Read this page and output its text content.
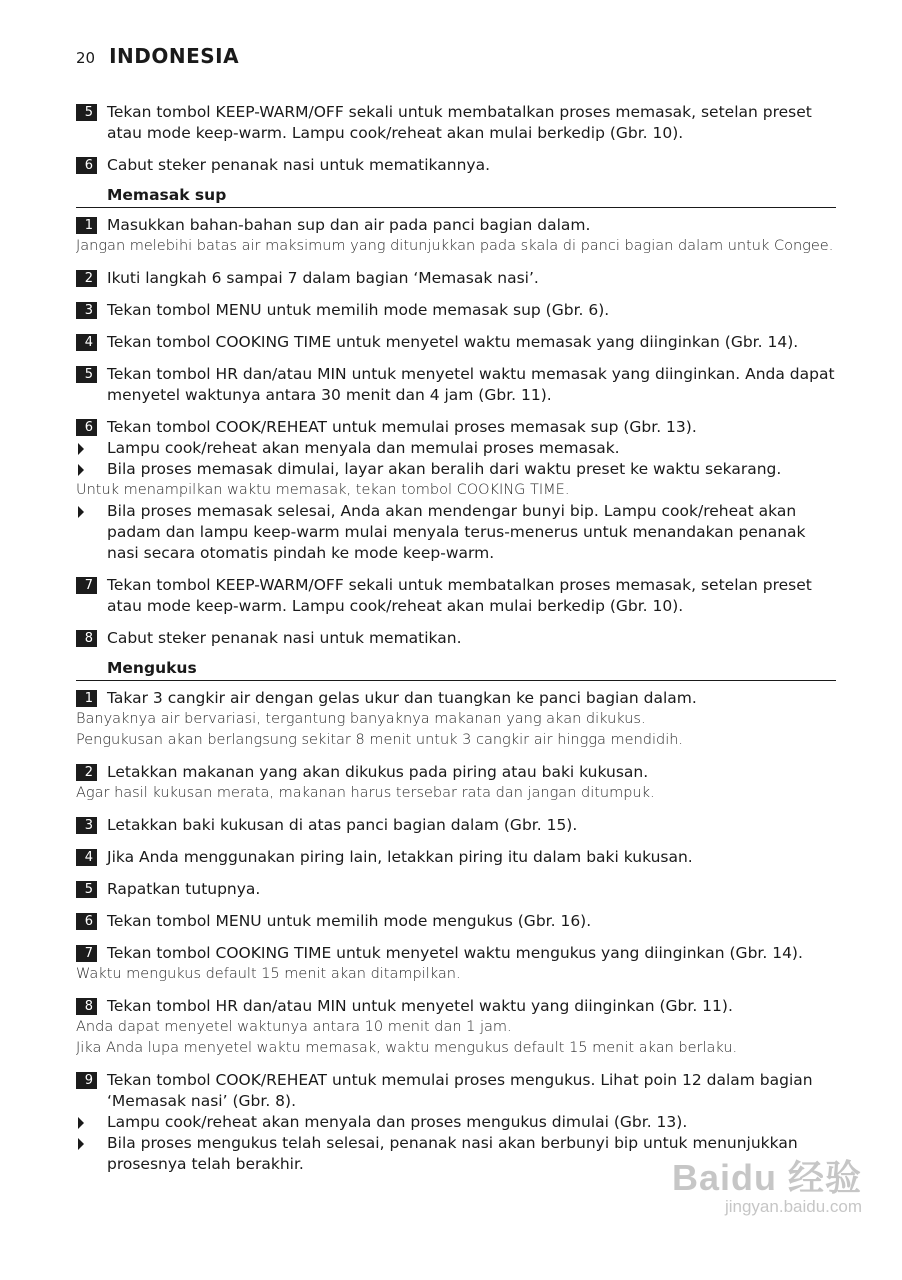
20 INDONESIA
5 Tekan tombol KEEP-WARM/OFF sekali untuk membatalkan proses memasak, setelan preset atau mode keep-warm. Lampu cook/reheat akan mulai berkedip (Gbr. 10).
6 Cabut steker penanak nasi untuk mematikannya.
Memasak sup
1 Masukkan bahan-bahan sup dan air pada panci bagian dalam.
Jangan melebihi batas air maksimum yang ditunjukkan pada skala di panci bagian dalam untuk Congee.
2 Ikuti langkah 6 sampai 7 dalam bagian ‘Memasak nasi’.
3 Tekan tombol MENU untuk memilih mode memasak sup (Gbr. 6).
4 Tekan tombol COOKING TIME untuk menyetel waktu memasak yang diinginkan (Gbr. 14).
5 Tekan tombol HR dan/atau MIN untuk menyetel waktu memasak yang diinginkan. Anda dapat menyetel waktunya antara 30 menit dan 4 jam (Gbr. 11).
6 Tekan tombol COOK/REHEAT untuk memulai proses memasak sup (Gbr. 13).
Lampu cook/reheat akan menyala dan memulai proses memasak.
Bila proses memasak dimulai, layar akan beralih dari waktu preset ke waktu sekarang.
Untuk menampilkan waktu memasak, tekan tombol COOKING TIME.
Bila proses memasak selesai, Anda akan mendengar bunyi bip. Lampu cook/reheat akan padam dan lampu keep-warm mulai menyala terus-menerus untuk menandakan penanak nasi secara otomatis pindah ke mode keep-warm.
7 Tekan tombol KEEP-WARM/OFF sekali untuk membatalkan proses memasak, setelan preset atau mode keep-warm. Lampu cook/reheat akan mulai berkedip (Gbr. 10).
8 Cabut steker penanak nasi untuk mematikan.
Mengukus
1 Takar 3 cangkir air dengan gelas ukur dan tuangkan ke panci bagian dalam.
Banyaknya air bervariasi, tergantung banyaknya makanan yang akan dikukus.
Pengukusan akan berlangsung sekitar 8 menit untuk 3 cangkir air hingga mendidih.
2 Letakkan makanan yang akan dikukus pada piring atau baki kukusan.
Agar hasil kukusan merata, makanan harus tersebar rata dan jangan ditumpuk.
3 Letakkan baki kukusan di atas panci bagian dalam (Gbr. 15).
4 Jika Anda menggunakan piring lain, letakkan piring itu dalam baki kukusan.
5 Rapatkan tutupnya.
6 Tekan tombol MENU untuk memilih mode mengukus (Gbr. 16).
7 Tekan tombol COOKING TIME untuk menyetel waktu mengukus yang diinginkan (Gbr. 14).
Waktu mengukus default 15 menit akan ditampilkan.
8 Tekan tombol HR dan/atau MIN untuk menyetel waktu yang diinginkan (Gbr. 11).
Anda dapat menyetel waktunya antara 10 menit dan 1 jam.
Jika Anda lupa menyetel waktu memasak, waktu mengukus default 15 menit akan berlaku.
9 Tekan tombol COOK/REHEAT untuk memulai proses mengukus. Lihat poin 12 dalam bagian ‘Memasak nasi’ (Gbr. 8).
Lampu cook/reheat akan menyala dan proses mengukus dimulai (Gbr. 13).
Bila proses mengukus telah selesai, penanak nasi akan berbunyi bip untuk menunjukkan prosesnya telah berakhir.	Baidu 经验
jingyan.baidu.com
